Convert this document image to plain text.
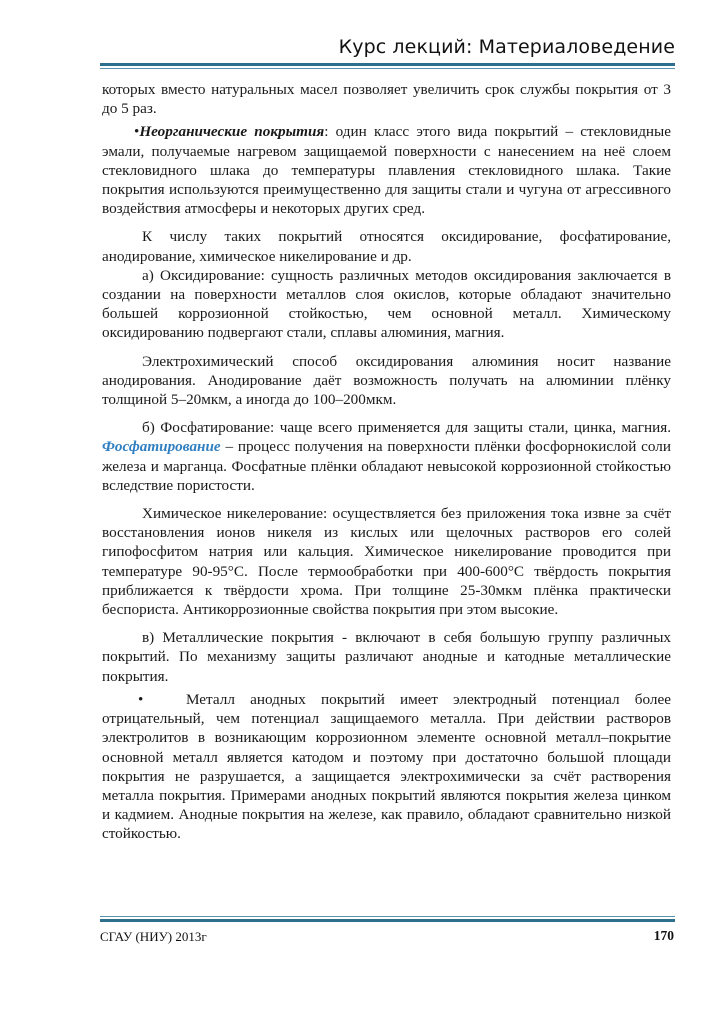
Курс лекций: Материаловедение

которых вместо натуральных масел позволяет увеличить срок службы покрытия от 3 до 5 раз.

•Неорганические покрытия: один класс этого вида покрытий – стекловидные эмали, получаемые нагревом защищаемой поверхности с нанесением на неё слоем стекловидного шлака до температуры плавления стекловидного шлака. Такие покрытия используются преимущественно для защиты стали и чугуна от агрессивного воздействия атмосферы и некоторых других сред.

К числу таких покрытий относятся оксидирование, фосфатирование, анодирование, химическое никелирование и др.

а) Оксидирование: сущность различных методов оксидирования заключается в создании на поверхности металлов слоя окислов, которые обладают значительно большей коррозионной стойкостью, чем основной металл. Химическому оксидированию подвергают стали, сплавы алюминия, магния.

Электрохимический способ оксидирования алюминия носит название анодирования. Анодирование даёт возможность получать на алюминии плёнку толщиной 5–20мкм, а иногда до 100–200мкм.

б) Фосфатирование: чаще всего применяется для защиты стали, цинка, магния. Фосфатирование – процесс получения на поверхности плёнки фосфорнокислой соли железа и марганца. Фосфатные плёнки обладают невысокой коррозионной стойкостью вследствие пористости.

Химическое никелерование: осуществляется без приложения тока извне за счёт восстановления ионов никеля из кислых или щелочных растворов его солей гипофосфитом натрия или кальция. Химическое никелирование проводится при температуре 90-95°С. После термообработки при 400-600°С твёрдость покрытия приближается к твёрдости хрома. При толщине 25-30мкм плёнка практически беспориста. Антикоррозионные свойства покрытия при этом высокие.

в) Металлические покрытия - включают в себя большую группу различных покрытий. По механизму защиты различают анодные и катодные металлические покрытия.

•	Металл анодных покрытий имеет электродный потенциал более отрицательный, чем потенциал защищаемого металла. При действии растворов электролитов в возникающим коррозионном элементе основной металл–покрытие основной металл является катодом и поэтому при достаточно большой площади покрытия не разрушается, а защищается электрохимически за счёт растворения металла покрытия. Примерами анодных покрытий являются покрытия железа цинком и кадмием. Анодные покрытия на железе, как правило, обладают сравнительно низкой стойкостью.

СГАУ (НИУ) 2013г	170
